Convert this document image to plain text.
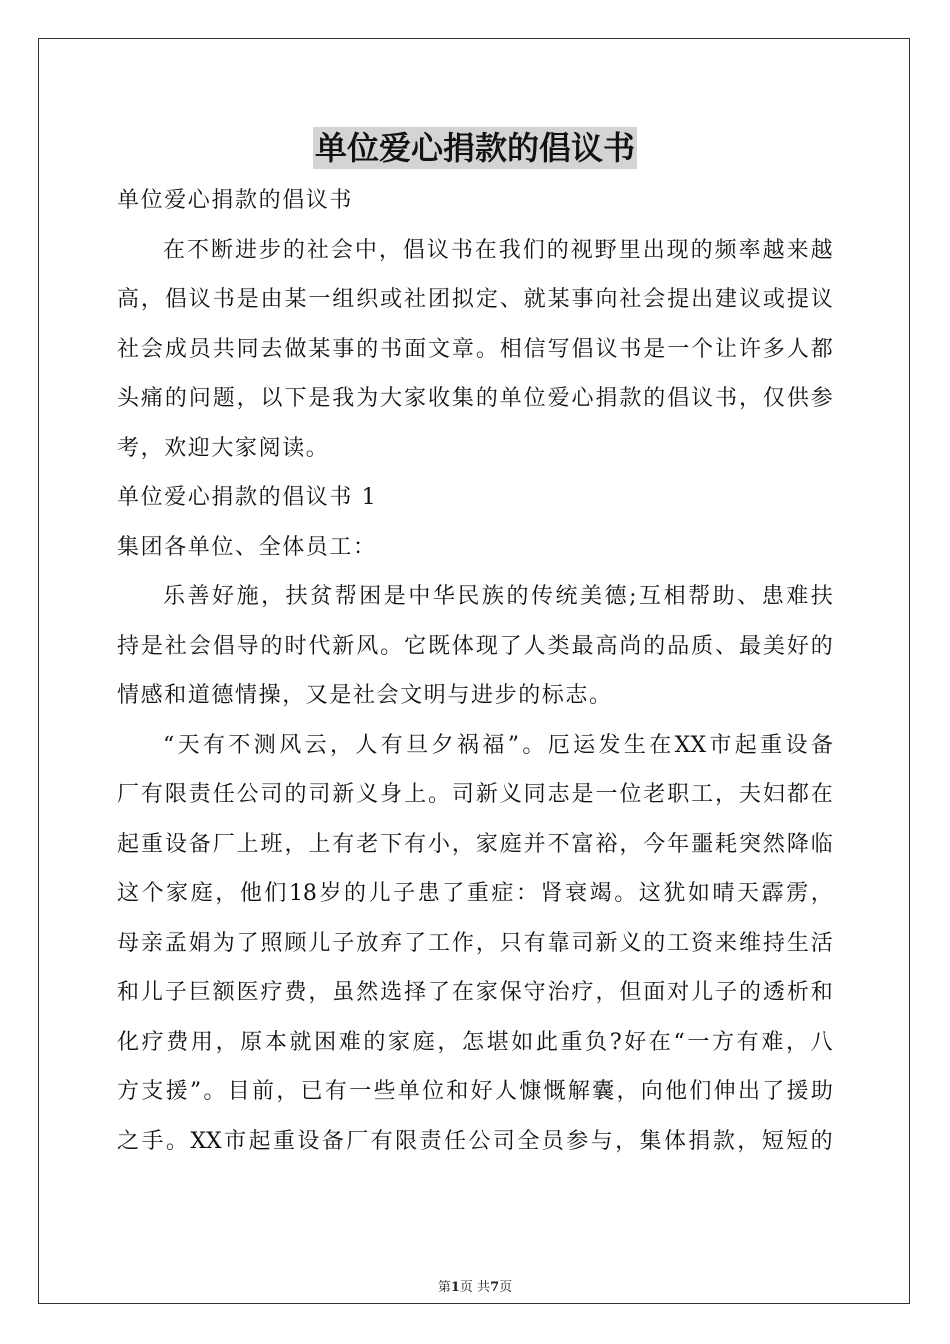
单位爱心捐款的倡议书
单位爱心捐款的倡议书
在 不 断 进 步 的 社 会 中 ， 倡 议 书 在 我 们 的 视 野 里 出 现 的 频 率 越 来 越
高 ， 倡 议 书 是 由 某 一 组 织 或 社 团 拟 定 、 就 某 事 向 社 会 提 出 建 议 或 提 议
社 会 成 员 共 同 去 做 某 事 的 书 面 文 章 。 相 信 写 倡 议 书 是 一 个 让 许 多 人 都
头 痛 的 问 题 ， 以 下 是 我 为 大 家 收 集 的 单 位 爱 心 捐 款 的 倡 议 书 ， 仅 供 参
考，欢迎大家阅读。
单位爱心捐款的倡议书 1
集团各单位、全体员工：
乐 善 好 施 ， 扶 贫 帮 困 是 中 华 民 族 的 传 统 美 德 ; 互 相 帮 助 、 患 难 扶
持 是 社 会 倡 导 的 时 代 新 风 。 它 既 体 现 了 人 类 最 高 尚 的 品 质 、 最 美 好 的
情感和道德情操，又是社会文明与进步的标志。
“ 天 有 不 测 风 云 ， 人 有 旦 夕 祸 福 ” 。 厄 运 发 生 在 XX 市 起 重 设 备
厂 有 限 责 任 公 司 的 司 新 义 身 上 。 司 新 义 同 志 是 一 位 老 职 工 ， 夫 妇 都 在
起 重 设 备 厂 上 班 ， 上 有 老 下 有 小 ， 家 庭 并 不 富 裕 ， 今 年 噩 耗 突 然 降 临
这 个 家 庭 ， 他 们 18 岁 的 儿 子 患 了 重 症 ： 肾 衰 竭 。 这 犹 如 晴 天 霹 雳 ，
母 亲 孟 娟 为 了 照 顾 儿 子 放 弃 了 工 作 ， 只 有 靠 司 新 义 的 工 资 来 维 持 生 活
和 儿 子 巨 额 医 疗 费 ， 虽 然 选 择 了 在 家 保 守 治 疗 ， 但 面 对 儿 子 的 透 析 和
化 疗 费 用 ， 原 本 就 困 难 的 家 庭 ， 怎 堪 如 此 重 负 ? 好 在 “ 一 方 有 难 ， 八
方 支 援 ” 。 目 前 ， 已 有 一 些 单 位 和 好 人 慷 慨 解 囊 ， 向 他 们 伸 出 了 援 助
之 手 。 XX 市 起 重 设 备 厂 有 限 责 任 公 司 全 员 参 与 ， 集 体 捐 款 ， 短 短 的
第1页 共7页
